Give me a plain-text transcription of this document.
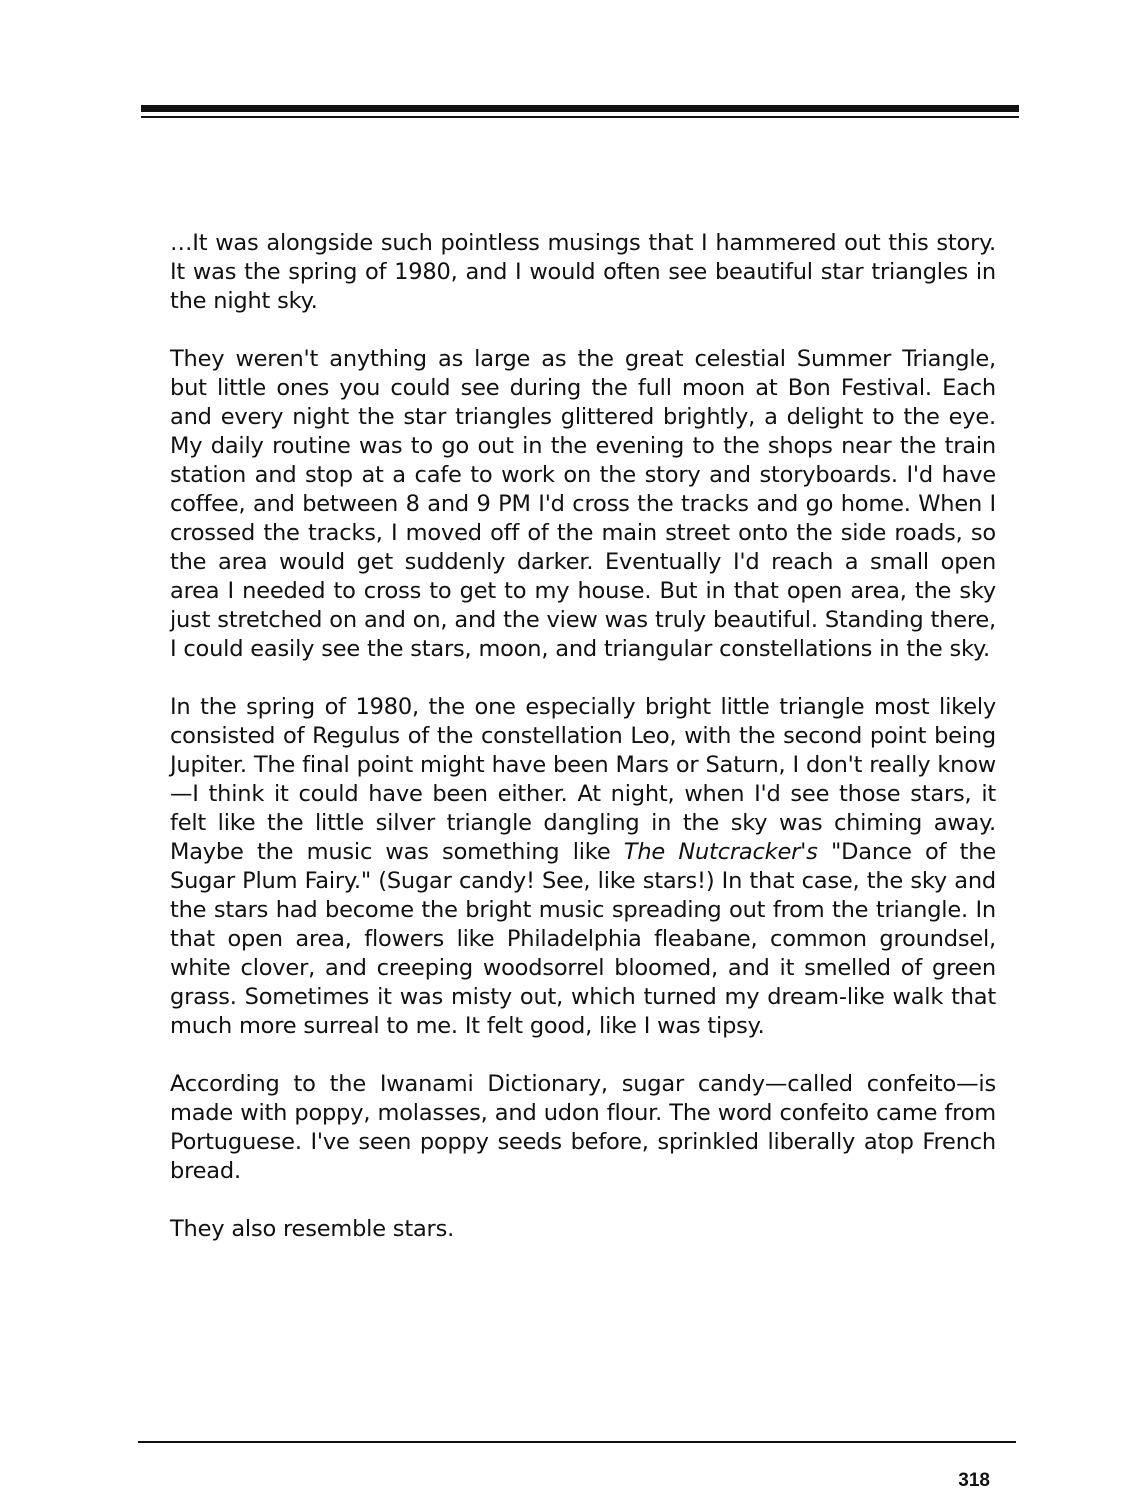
…It was alongside such pointless musings that I hammered out this story. It was the spring of 1980, and I would often see beautiful star triangles in the night sky.

They weren't anything as large as the great celestial Summer Triangle, but little ones you could see during the full moon at Bon Festival. Each and every night the star triangles glittered brightly, a delight to the eye. My daily routine was to go out in the evening to the shops near the train station and stop at a cafe to work on the story and storyboards. I'd have coffee, and between 8 and 9 PM I'd cross the tracks and go home. When I crossed the tracks, I moved off of the main street onto the side roads, so the area would get suddenly darker. Eventually I'd reach a small open area I needed to cross to get to my house. But in that open area, the sky just stretched on and on, and the view was truly beautiful. Standing there, I could easily see the stars, moon, and triangular constellations in the sky.

In the spring of 1980, the one especially bright little triangle most likely consisted of Regulus of the constellation Leo, with the second point being Jupiter. The final point might have been Mars or Saturn, I don't really know—I think it could have been either. At night, when I'd see those stars, it felt like the little silver triangle dangling in the sky was chiming away. Maybe the music was something like The Nutcracker's "Dance of the Sugar Plum Fairy." (Sugar candy! See, like stars!) In that case, the sky and the stars had become the bright music spreading out from the triangle. In that open area, flowers like Philadelphia fleabane, common groundsel, white clover, and creeping woodsorrel bloomed, and it smelled of green grass. Sometimes it was misty out, which turned my dream-like walk that much more surreal to me. It felt good, like I was tipsy.

According to the Iwanami Dictionary, sugar candy—called confeito—is made with poppy, molasses, and udon flour. The word confeito came from Portuguese. I've seen poppy seeds before, sprinkled liberally atop French bread.

They also resemble stars.

318
